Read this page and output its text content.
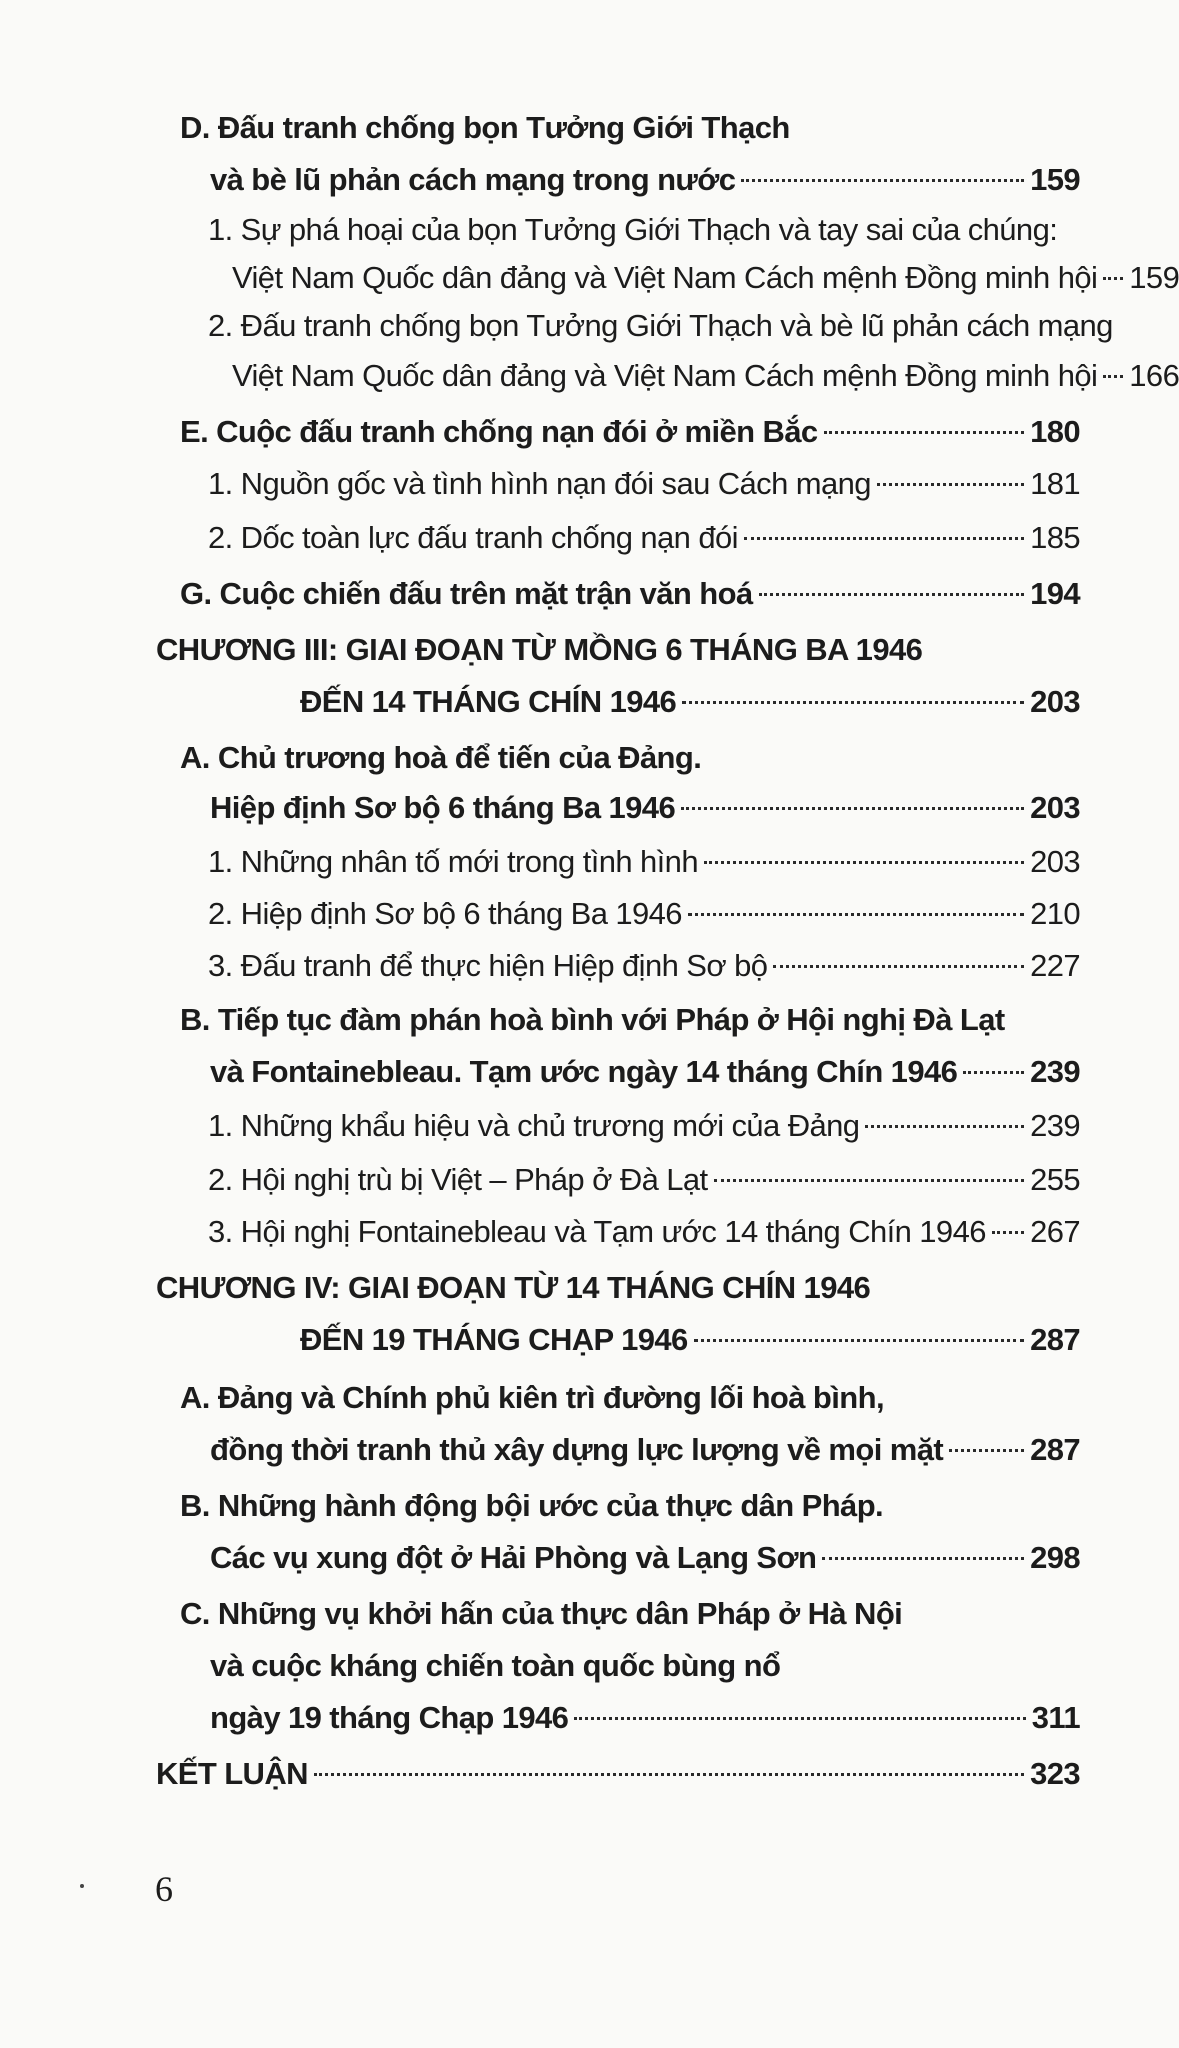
D. Đấu tranh chống bọn Tưởng Giới Thạch
và bè lũ phản cách mạng trong nước	159
1. Sự phá hoại của bọn Tưởng Giới Thạch và tay sai của chúng:
Việt Nam Quốc dân đảng và Việt Nam Cách mệnh Đồng minh hội 159
2. Đấu tranh chống bọn Tưởng Giới Thạch và bè lũ phản cách mạng
Việt Nam Quốc dân đảng và Việt Nam Cách mệnh Đồng minh hội 166
E. Cuộc đấu tranh chống nạn đói ở miền Bắc	180
1. Nguồn gốc và tình hình nạn đói sau Cách mạng	181
2. Dốc toàn lực đấu tranh chống nạn đói	185
G. Cuộc chiến đấu trên mặt trận văn hoá	194
CHƯƠNG III: GIAI ĐOẠN TỪ MỒNG 6 THÁNG BA 1946
ĐẾN 14 THÁNG CHÍN 1946	203
A. Chủ trương hoà để tiến của Đảng.
Hiệp định Sơ bộ 6 tháng Ba 1946	203
1. Những nhân tố mới trong tình hình	203
2. Hiệp định Sơ bộ 6 tháng Ba 1946	210
3. Đấu tranh để thực hiện Hiệp định Sơ bộ	227
B. Tiếp tục đàm phán hoà bình với Pháp ở Hội nghị Đà Lạt
và Fontainebleau. Tạm ước ngày 14 tháng Chín 1946 239
1. Những khẩu hiệu và chủ trương mới của Đảng	239
2. Hội nghị trù bị Việt – Pháp ở Đà Lạt	255
3. Hội nghị Fontainebleau và Tạm ước 14 tháng Chín 1946 267
CHƯƠNG IV: GIAI ĐOẠN TỪ 14 THÁNG CHÍN 1946
ĐẾN 19 THÁNG CHẠP 1946	287
A. Đảng và Chính phủ kiên trì đường lối hoà bình,
đồng thời tranh thủ xây dựng lực lượng về mọi mặt	287
B. Những hành động bội ước của thực dân Pháp.
Các vụ xung đột ở Hải Phòng và Lạng Sơn	298
C. Những vụ khởi hấn của thực dân Pháp ở Hà Nội
và cuộc kháng chiến toàn quốc bùng nổ
ngày 19 tháng Chạp 1946	311
KẾT LUẬN	323
6
